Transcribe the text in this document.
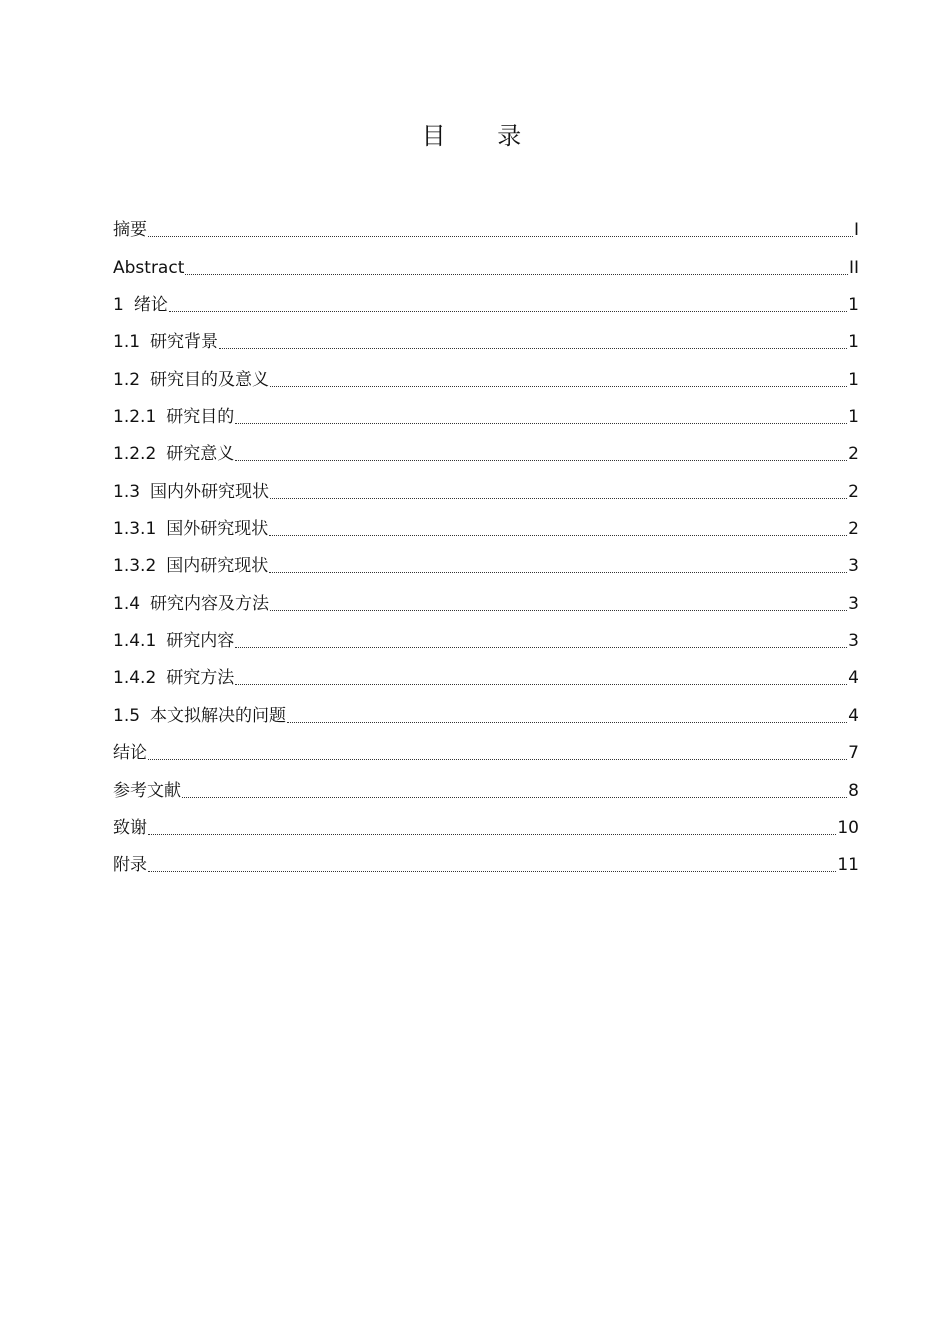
目 录
摘要	I
Abstract	II
1 绪论	1
1.1 研究背景	1
1.2 研究目的及意义	1
1.2.1 研究目的	1
1.2.2 研究意义	2
1.3 国内外研究现状	2
1.3.1 国外研究现状	2
1.3.2 国内研究现状	3
1.4 研究内容及方法	3
1.4.1 研究内容	3
1.4.2 研究方法	4
1.5 本文拟解决的问题	4
结论	7
参考文献	8
致谢	10
附录	11
